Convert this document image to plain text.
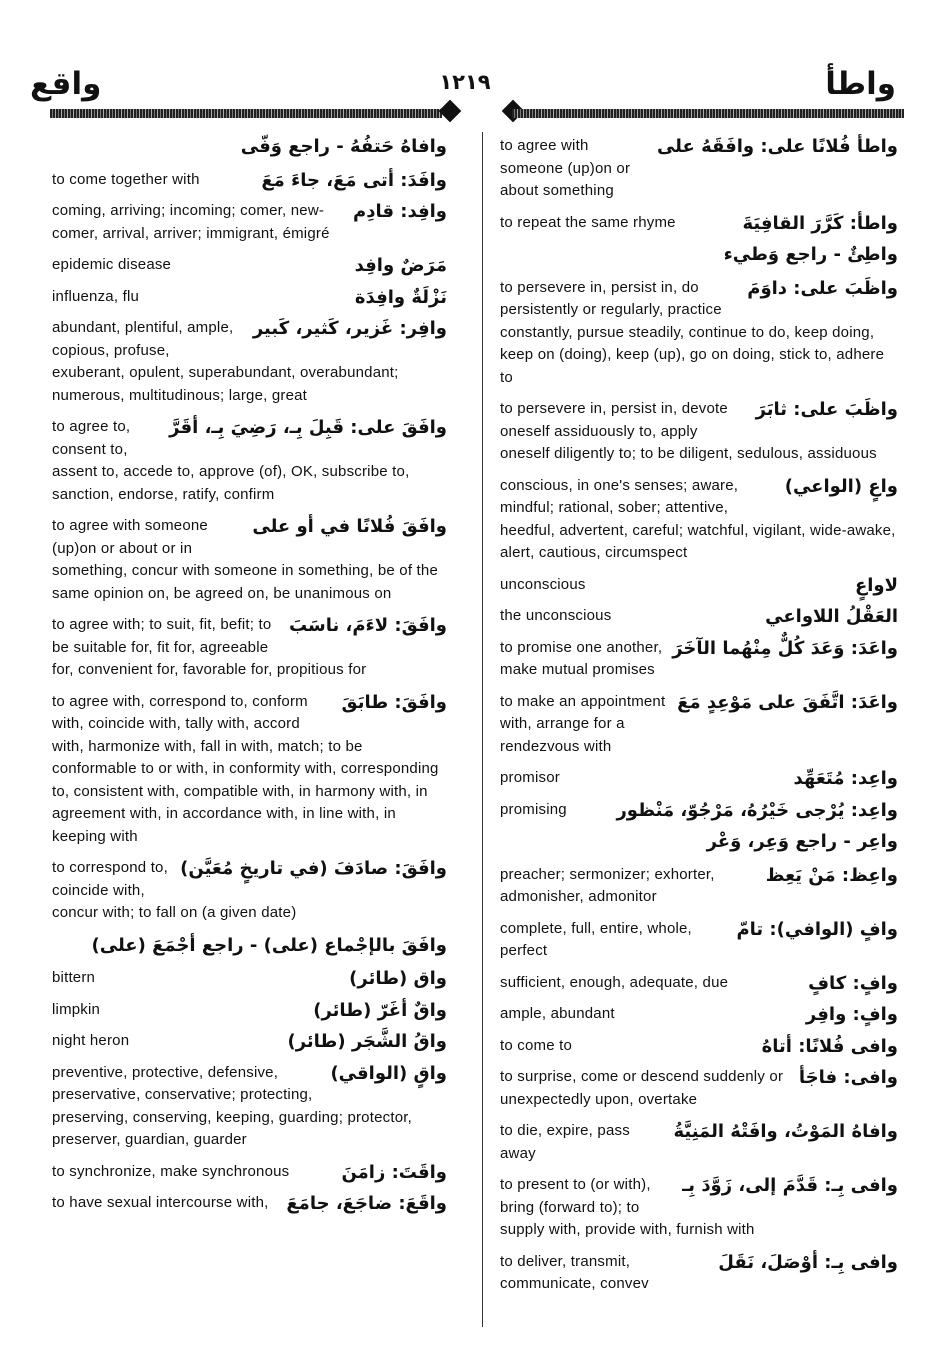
واقع	١٢١٩	واطأ
وافاهُ حَتفُهُ - راجع وَفّى
وافَدَ: أتى مَعَ، جاءَ مَعَ
to come together with
وافِد: قادِم
coming, arriving; incoming; comer, new-comer, arrival, arriver; immigrant, émigré
مَرَضٌ وافِد
epidemic disease
نَزْلَةٌ وافِدَة
influenza, flu
وافِر: غَزير، كَثير، كَبير
abundant, plentiful, ample, copious, profuse, exuberant, opulent, superabundant, overabundant; numerous, multitudinous; large, great
وافَقَ على: قَبِلَ بِـ، رَضِيَ بِـ، أقَرَّ
to agree to, consent to, assent to, accede to, approve (of), OK, subscribe to, sanction, endorse, ratify, confirm
وافَقَ فُلانًا في أو على
to agree with someone (up)on or about or in something, concur with someone in something, be of the same opinion on, be agreed on, be unanimous on
وافَقَ: لاءَمَ، ناسَبَ
to agree with; to suit, fit, befit; to be suitable for, fit for, agreeable for, convenient for, favorable for, propitious for
وافَقَ: طابَقَ
to agree with, correspond to, conform with, coincide with, tally with, accord with, harmonize with, fall in with, match; to be conformable to or with, in conformity with, corresponding to, consistent with, compatible with, in harmony with, in agreement with, in accordance with, in line with, in keeping with
وافَقَ: صادَفَ (في تاريخٍ مُعَيَّن)
to correspond to, coincide with, concur with; to fall on (a given date)
وافَقَ بالإجْماع (على) - راجع أجْمَعَ (على)
واق (طائر)
bittern
واقٌ أغَرّ (طائر)
limpkin
واقُ الشَّجَر (طائر)
night heron
واقٍ (الواقي)
preventive, protective, defensive, preservative, conservative; protecting, preserving, conserving, keeping, guarding; protector, preserver, guardian, guarder
واقَتَ: زامَنَ
to synchronize, make synchronous
واقَعَ: ضاجَعَ، جامَعَ
to have sexual intercourse with,
واطأ فُلانًا على: وافَقَهُ على
to agree with someone (up)on or about something
واطأ: كَرَّرَ القافِيَةَ
to repeat the same rhyme
واطِئٌ - راجع وَطيء
واظَبَ على: داوَمَ
to persevere in, persist in, do persistently or regularly, practice constantly, pursue steadily, continue to do, keep doing, keep on (doing), keep (up), go on doing, stick to, adhere to
واظَبَ على: ثابَرَ
to persevere in, persist in, devote oneself assiduously to, apply oneself diligently to; to be diligent, sedulous, assiduous
واعٍ (الواعي)
conscious, in one's senses; aware, mindful; rational, sober; attentive, heedful, advertent, careful; watchful, vigilant, wide-awake, alert, cautious, circumspect
لاواعٍ
unconscious
العَقْلُ اللاواعي
the unconscious
واعَدَ: وَعَدَ كُلٌّ مِنْهُما الآخَرَ
to promise one another, make mutual promises
واعَدَ: اتَّفَقَ على مَوْعِدٍ مَعَ
to make an appointment with, arrange for a rendezvous with
واعِد: مُتَعَهِّد
promisor
واعِد: يُرْجى خَيْرُهُ، مَرْجُوّ، مَنْظور
promising
واعِر - راجع وَعِر، وَعْر
واعِظ: مَنْ يَعِظ
preacher; sermonizer; exhorter, admonisher, admonitor
وافٍ (الوافي): تامّ
complete, full, entire, whole, perfect
وافٍ: كافٍ
sufficient, enough, adequate, due
وافٍ: وافِر
ample, abundant
وافى فُلانًا: أتاهُ
to come to
وافى: فاجَأ
to surprise, come or descend suddenly or unexpectedly upon, overtake
وافاهُ المَوْتُ، وافَتْهُ المَنِيَّةُ
to die, expire, pass away
وافى بِـ: قَدَّمَ إلى، زَوَّدَ بِـ
to present to (or with), bring (forward to); to supply with, provide with, furnish with
وافى بِـ: أوْصَلَ، نَقَلَ
to deliver, transmit, communicate, convev
